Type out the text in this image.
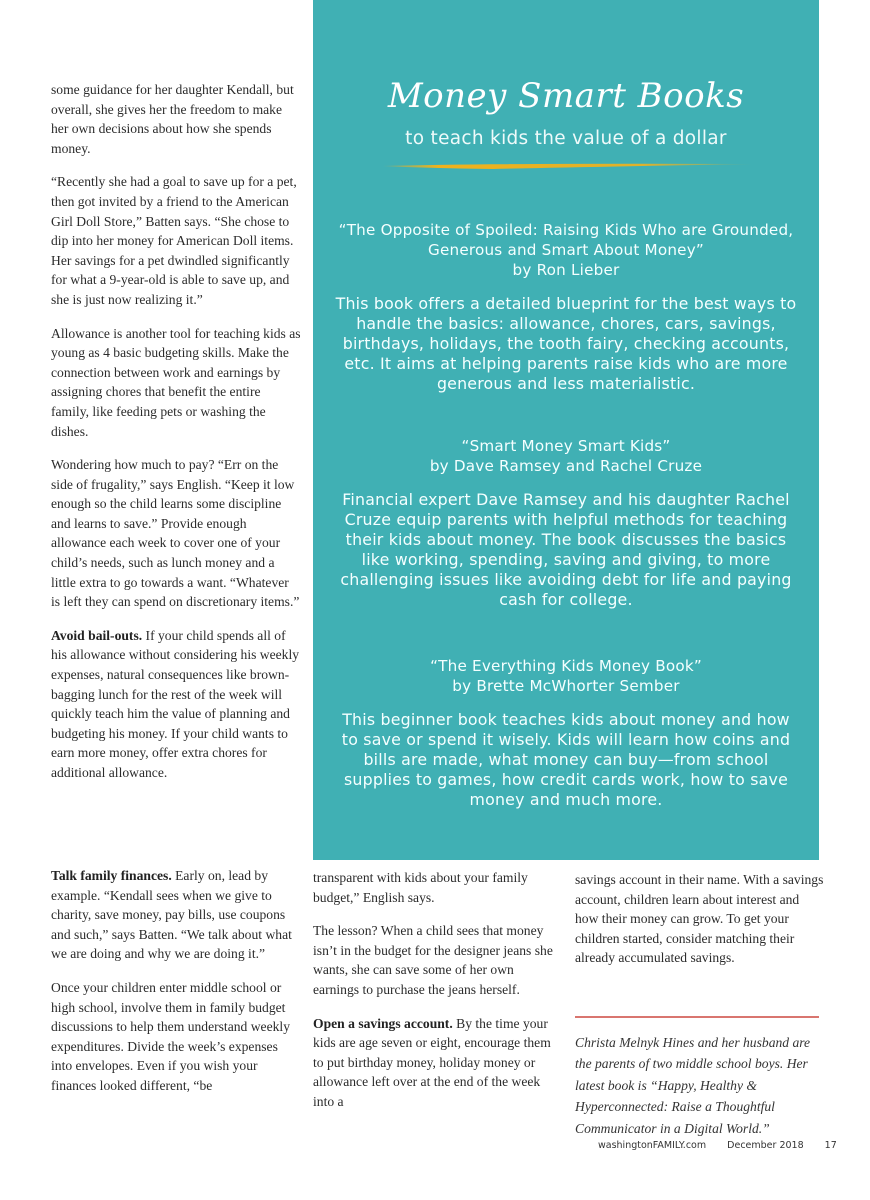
some guidance for her daughter Kendall, but overall, she gives her the freedom to make her own decisions about how she spends money.

“Recently she had a goal to save up for a pet, then got invited by a friend to the American Girl Doll Store,” Batten says. “She chose to dip into her money for American Doll items. Her savings for a pet dwindled significantly for what a 9-year-old is able to save up, and she is just now realizing it.”

Allowance is another tool for teaching kids as young as 4 basic budgeting skills. Make the connection between work and earnings by assigning chores that benefit the entire family, like feeding pets or washing the dishes.

Wondering how much to pay? “Err on the side of frugality,” says English. “Keep it low enough so the child learns some discipline and learns to save.” Provide enough allowance each week to cover one of your child’s needs, such as lunch money and a little extra to go towards a want. “Whatever is left they can spend on discretionary items.”

Avoid bail-outs. If your child spends all of his allowance without considering his weekly expenses, natural consequences like brown-bagging lunch for the rest of the week will quickly teach him the value of planning and budgeting his money. If your child wants to earn more money, offer extra chores for additional allowance.

Money Smart Books
to teach kids the value of a dollar

“The Opposite of Spoiled: Raising Kids Who are Grounded, Generous and Smart About Money”

by Ron Lieber

This book offers a detailed blueprint for the best ways to handle the basics: allowance, chores, cars, savings, birthdays, holidays, the tooth fairy, checking accounts, etc. It aims at helping parents raise kids who are more generous and less materialistic.

“Smart Money Smart Kids”

by Dave Ramsey and Rachel Cruze

Financial expert Dave Ramsey and his daughter Rachel Cruze equip parents with helpful methods for teaching their kids about money. The book discusses the basics like working, spending, saving and giving, to more challenging issues like avoiding debt for life and paying cash for college.

“The Everything Kids Money Book”

by Brette McWhorter Sember

This beginner book teaches kids about money and how to save or spend it wisely. Kids will learn how coins and bills are made, what money can buy—from school supplies to games, how credit cards work, how to save money and much more.

Talk family finances. Early on, lead by example. “Kendall sees when we give to charity, save money, pay bills, use coupons and such,” says Batten. “We talk about what we are doing and why we are doing it.”

Once your children enter middle school or high school, involve them in family budget discussions to help them understand weekly expenditures. Divide the week’s expenses into envelopes. Even if you wish your finances looked different, “be

transparent with kids about your family budget,” English says.

The lesson? When a child sees that money isn’t in the budget for the designer jeans she wants, she can save some of her own earnings to purchase the jeans herself.

Open a savings account. By the time your kids are age seven or eight, encourage them to put birthday money, holiday money or allowance left over at the end of the week into a

savings account in their name. With a savings account, children learn about interest and how their money can grow. To get your children started, consider matching their already accumulated savings.

Christa Melnyk Hines and her husband are the parents of two middle school boys. Her latest book is “Happy, Healthy & Hyperconnected: Raise a Thoughtful Communicator in a Digital World.”

washingtonFAMILY.com December 2018 17
